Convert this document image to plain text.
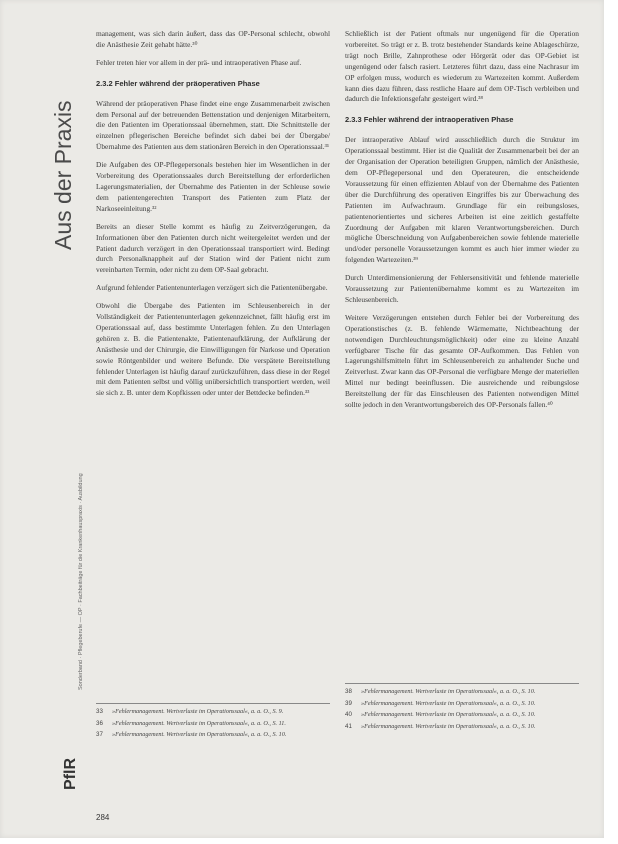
Aus der Praxis
Sonderband · Pflegeberufe — OP · Fachbeiträge für die Krankenhauspraxis · Ausbildung
PflR

management, was sich darin äußert, dass das OP-Personal schlecht, obwohl die Anästhesie Zeit gehabt hätte.³⁰

Fehler treten hier vor allem in der prä- und intraoperativen Phase auf.

2.3.2 Fehler während der präoperativen Phase

Während der präoperativen Phase findet eine enge Zusammenarbeit zwischen dem Personal auf der betreuenden Bettenstation und denjenigen Mitarbeitern, die den Patienten im Operationssaal übernehmen, statt. Die Schnittstelle der einzelnen pflegerischen Bereiche befindet sich dabei bei der Übergabe/Übernahme des Patienten aus dem stationären Bereich in den Operationssaal.³¹

Die Aufgaben des OP-Pflegepersonals bestehen hier im Wesentlichen in der Vorbereitung des Operationssaales durch Bereitstellung der erforderlichen Lagerungsmaterialien, der Übernahme des Patienten in der Schleuse sowie dem patientengerechten Transport des Patienten zum Platz der Narkoseeinleitung.³²

Bereits an dieser Stelle kommt es häufig zu Zeitverzögerungen, da Informationen über den Patienten durch nicht weitergeleitet werden und der Patient dadurch verzögert in den Operationssaal transportiert wird. Bedingt durch Personalknappheit auf der Station wird der Patient nicht zum vereinbarten Termin, oder nicht zu dem OP-Saal gebracht.

Aufgrund fehlender Patientenunterlagen verzögert sich die Patientenübergabe.

Obwohl die Übergabe des Patienten im Schleusenbereich in der Vollständigkeit der Patientenunterlagen gekennzeichnet, fällt häufig erst im Operationssaal auf, dass bestimmte Unterlagen fehlen. Zu den Unterlagen gehören z. B. die Patientenakte, Patientenaufklärung, der Aufklärung der Anästhesie und der Chirurgie, die Einwilligungen für Narkose und Operation sowie Röntgenbilder und weitere Befunde. Die verspätete Bereitstellung fehlender Unterlagen ist häufig darauf zurückzuführen, dass diese in der Regel mit dem Patienten selbst und völlig unübersichtlich transportiert werden, weil sie sich z. B. unter dem Kopfkissen oder unter der Bettdecke befinden.³³

33	»Fehlermanagement. Wertverluste im Operationssaal«, a. a. O., S. 9.
36	»Fehlermanagement. Wertverluste im Operationssaal«, a. a. O., S. 11.
37	»Fehlermanagement. Wertverluste im Operationssaal«, a. a. O., S. 10.

Schließlich ist der Patient oftmals nur ungenügend für die Operation vorbereitet. So trägt er z. B. trotz bestehender Standards keine Ablageschürze, trägt noch Brille, Zahnprothese oder Hörgerät oder das OP-Gebiet ist ungenügend oder falsch rasiert. Letzteres führt dazu, dass eine Nachrasur im OP erfolgen muss, wodurch es wiederum zu Wartezeiten kommt. Außerdem kann dies dazu führen, dass restliche Haare auf dem OP-Tisch verbleiben und dadurch die Infektionsgefahr gesteigert wird.³⁸

2.3.3 Fehler während der intraoperativen Phase

Der intraoperative Ablauf wird ausschließlich durch die Struktur im Operationssaal bestimmt. Hier ist die Qualität der Zusammenarbeit bei der an der Organisation der Operation beteiligten Gruppen, nämlich der Anästhesie, dem OP-Pflegepersonal und den Operateuren, die entscheidende Voraussetzung für einen effizienten Ablauf von der Übernahme des Patienten über die Durchführung des operativen Eingriffes bis zur Überwachung des Patienten im Aufwachraum. Grundlage für ein reibungsloses, patientenorientiertes und sicheres Arbeiten ist eine zeitlich gestaffelte Zuordnung der Aufgaben mit klaren Verantwortungsbereichen. Durch mögliche Überschneidung von Aufgabenbereichen sowie fehlende materielle und/oder personelle Voraussetzungen kommt es auch hier immer wieder zu folgenden Wartezeiten.³⁹

Durch Unterdimensionierung der Fehlersensitivität und fehlende materielle Voraussetzung zur Patientenübernahme kommt es zu Wartezeiten im Schleusenbereich.

Weitere Verzögerungen entstehen durch Fehler bei der Vorbereitung des Operationstisches (z. B. fehlende Wärmematte, Nichtbeachtung der notwendigen Durchleuchtungsmöglichkeit) oder eine zu kleine Anzahl verfügbarer Tische für das gesamte OP-Aufkommen. Das Fehlen von Lagerungshilfsmitteln führt im Schleusenbereich zu anhaltender Suche und Zeitverlust. Zwar kann das OP-Personal die verfügbare Menge der materiellen Mittel nur bedingt beeinflussen. Die ausreichende und reibungslose Bereitstellung der für das Einschleusen des Patienten notwendigen Mittel sollte jedoch in den Verantwortungsbereich des OP-Personals fallen.⁴⁰

38	»Fehlermanagement. Wertverluste im Operationssaal«, a. a. O., S. 10.
39	»Fehlermanagement. Wertverluste im Operationssaal«, a. a. O., S. 10.
40	»Fehlermanagement. Wertverluste im Operationssaal«, a. a. O., S. 10.
41	»Fehlermanagement. Wertverluste im Operationssaal«, a. a. O., S. 10.
284
